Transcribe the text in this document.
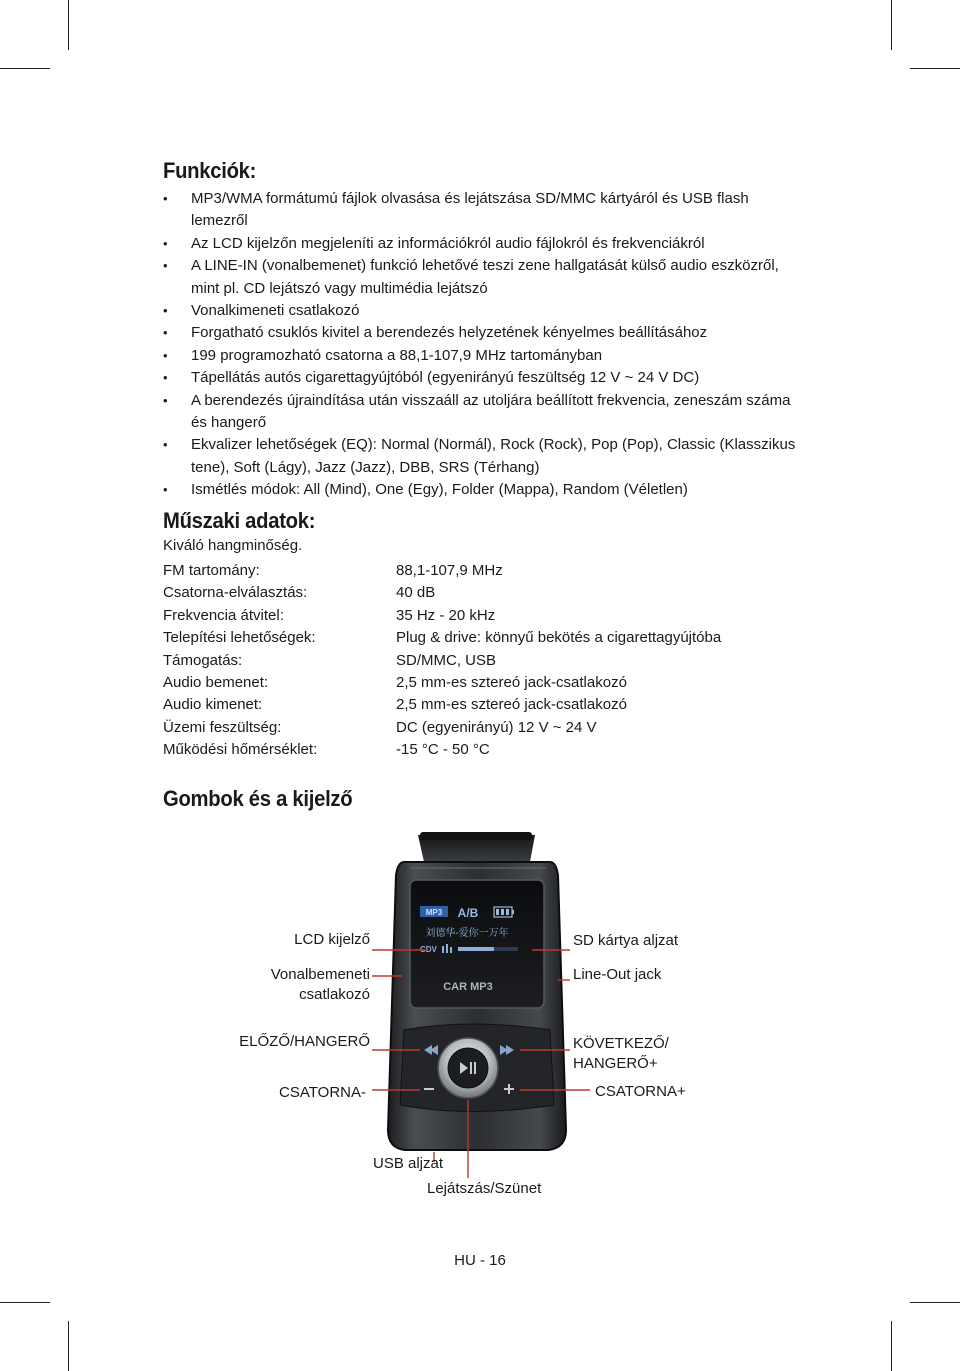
Funkciók:
• MP3/WMA formátumú fájlok olvasása és lejátszása SD/MMC kártyáról és USB flash lemezről
• Az LCD kijelzőn megjeleníti az információkról audio fájlokról és frekvenciákról
• A LINE-IN (vonalbemenet) funkció lehetővé teszi zene hallgatását külső audio eszközről, mint pl. CD lejátszó vagy multimédia lejátszó
• Vonalkimeneti csatlakozó
• Forgatható csuklós kivitel a berendezés helyzetének kényelmes beállításához
• 199 programozható csatorna a 88,1-107,9 MHz tartományban
• Tápellátás autós cigarettagyújtóból (egyenirányú feszültség 12 V ~ 24 V DC)
• A berendezés újraindítása után visszaáll az utoljára beállított frekvencia, zeneszám száma és hangerő
• Ekvalizer lehetőségek (EQ): Normal (Normál), Rock (Rock), Pop (Pop), Classic (Klasszikus tene), Soft (Lágy), Jazz (Jazz), DBB, SRS (Térhang)
• Ismétlés módok: All (Mind), One (Egy), Folder (Mappa), Random (Véletlen)
Műszaki adatok:
Kiváló hangminőség.
FM tartomány:	88,1-107,9 MHz
Csatorna-elválasztás:	40 dB
Frekvencia átvitel:	35 Hz - 20 kHz
Telepítési lehetőségek:	Plug & drive: könnyű bekötés a cigarettagyújtóba
Támogatás:	SD/MMC, USB
Audio bemenet:	2,5 mm-es sztereó jack-csatlakozó
Audio kimenet:	2,5 mm-es sztereó jack-csatlakozó
Üzemi feszültség:	DC (egyenirányú) 12 V ~ 24 V
Működési hőmérséklet:	-15 °C - 50 °C
Gombok és a kijelző
MP3 A/B
刘德华-爱你一万年
CDV
CAR MP3
LCD kijelző
Vonalbemeneti
csatlakozó
ELŐZŐ/HANGERŐ
CSATORNA-
SD kártya aljzat
Line-Out jack
KÖVETKEZŐ/
HANGERŐ+
CSATORNA+
USB aljzat
Lejátszás/Szünet
HU - 16
